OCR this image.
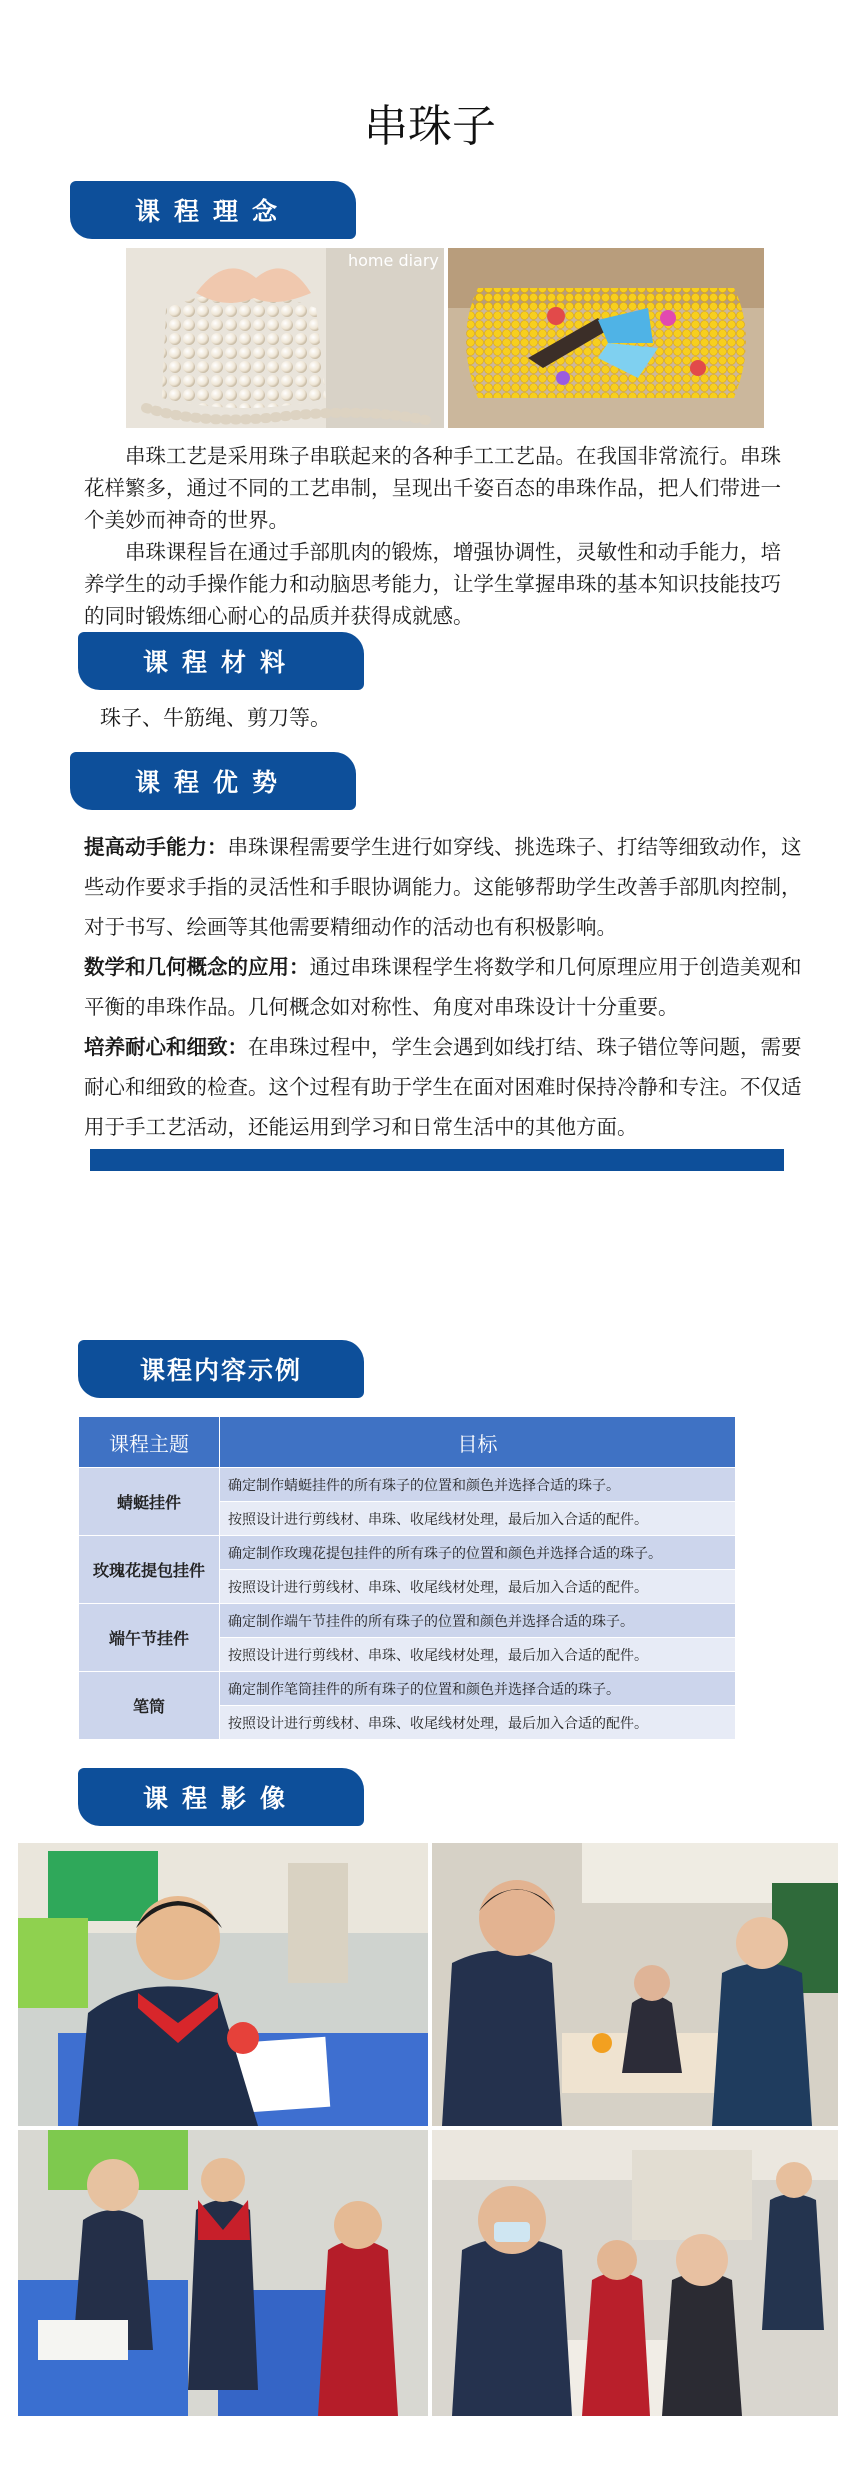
串珠子
课程理念
home diary

串珠工艺是采用珠子串联起来的各种手工工艺品。在我国非常流行。串珠花样繁多，通过不同的工艺串制，呈现出千姿百态的串珠作品，把人们带进一个美妙而神奇的世界。

串珠课程旨在通过手部肌肉的锻炼，增强协调性，灵敏性和动手能力，培养学生的动手操作能力和动脑思考能力，让学生掌握串珠的基本知识技能技巧的同时锻炼细心耐心的品质并获得成就感。

课程材料
珠子、牛筋绳、剪刀等。
课程优势

提高动手能力：串珠课程需要学生进行如穿线、挑选珠子、打结等细致动作，这些动作要求手指的灵活性和手眼协调能力。这能够帮助学生改善手部肌肉控制，对于书写、绘画等其他需要精细动作的活动也有积极影响。

数学和几何概念的应用：通过串珠课程学生将数学和几何原理应用于创造美观和平衡的串珠作品。几何概念如对称性、角度对串珠设计十分重要。

培养耐心和细致：在串珠过程中，学生会遇到如线打结、珠子错位等问题，需要耐心和细致的检查。这个过程有助于学生在面对困难时保持冷静和专注。不仅适用于手工艺活动，还能运用到学习和日常生活中的其他方面。

课程内容示例
课程主题	目标
蜻蜓挂件	确定制作蜻蜓挂件的所有珠子的位置和颜色并选择合适的珠子。
	按照设计进行剪线材、串珠、收尾线材处理，最后加入合适的配件。
玫瑰花提包挂件	确定制作玫瑰花提包挂件的所有珠子的位置和颜色并选择合适的珠子。
	按照设计进行剪线材、串珠、收尾线材处理，最后加入合适的配件。
端午节挂件	确定制作端午节挂件的所有珠子的位置和颜色并选择合适的珠子。
	按照设计进行剪线材、串珠、收尾线材处理，最后加入合适的配件。
笔筒	确定制作笔筒挂件的所有珠子的位置和颜色并选择合适的珠子。
	按照设计进行剪线材、串珠、收尾线材处理，最后加入合适的配件。
课程影像
